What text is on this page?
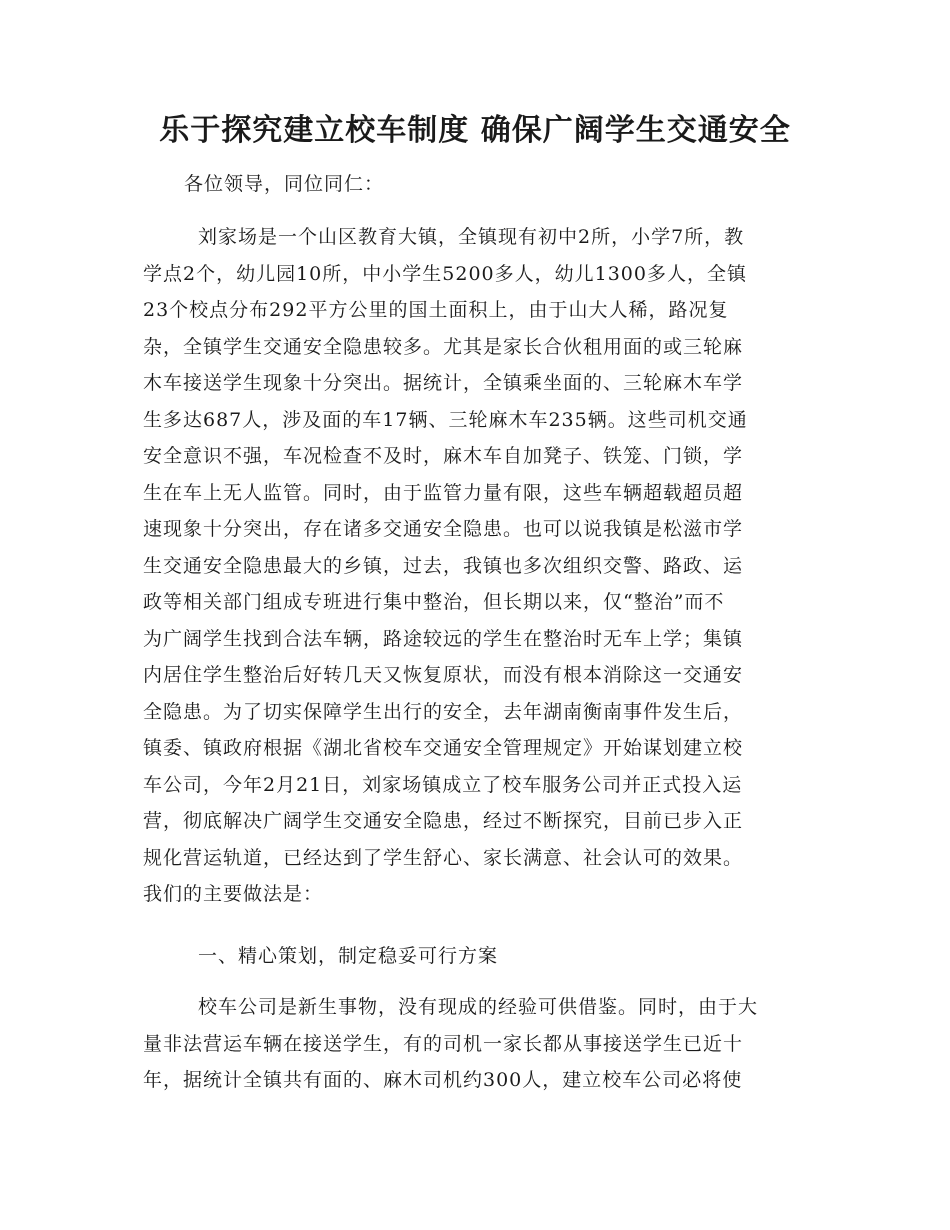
乐于探究建立校车制度 确保广阔学生交通安全

各位领导，同位同仁：

刘家场是一个山区教育大镇，全镇现有初中2所，小学7所，教
学点2个，幼儿园10所，中小学生5200多人，幼儿1300多人，全镇
23个校点分布292平方公里的国土面积上，由于山大人稀，路况复
杂，全镇学生交通安全隐患较多。尤其是家长合伙租用面的或三轮麻
木车接送学生现象十分突出。据统计，全镇乘坐面的、三轮麻木车学
生多达687人，涉及面的车17辆、三轮麻木车235辆。这些司机交通
安全意识不强，车况检查不及时，麻木车自加凳子、铁笼、门锁，学
生在车上无人监管。同时，由于监管力量有限，这些车辆超载超员超
速现象十分突出，存在诸多交通安全隐患。也可以说我镇是松滋市学
生交通安全隐患最大的乡镇，过去，我镇也多次组织交警、路政、运
政等相关部门组成专班进行集中整治，但长期以来，仅“整治”而不
为广阔学生找到合法车辆，路途较远的学生在整治时无车上学；集镇
内居住学生整治后好转几天又恢复原状，而没有根本消除这一交通安
全隐患。为了切实保障学生出行的安全，去年湖南衡南事件发生后，
镇委、镇政府根据《湖北省校车交通安全管理规定》开始谋划建立校
车公司，今年2月21日，刘家场镇成立了校车服务公司并正式投入运
营，彻底解决广阔学生交通安全隐患，经过不断探究，目前已步入正
规化营运轨道，已经达到了学生舒心、家长满意、社会认可的效果。
我们的主要做法是：

一、精心策划，制定稳妥可行方案

校车公司是新生事物，没有现成的经验可供借鉴。同时，由于大
量非法营运车辆在接送学生，有的司机一家长都从事接送学生已近十
年，据统计全镇共有面的、麻木司机约300人，建立校车公司必将使
